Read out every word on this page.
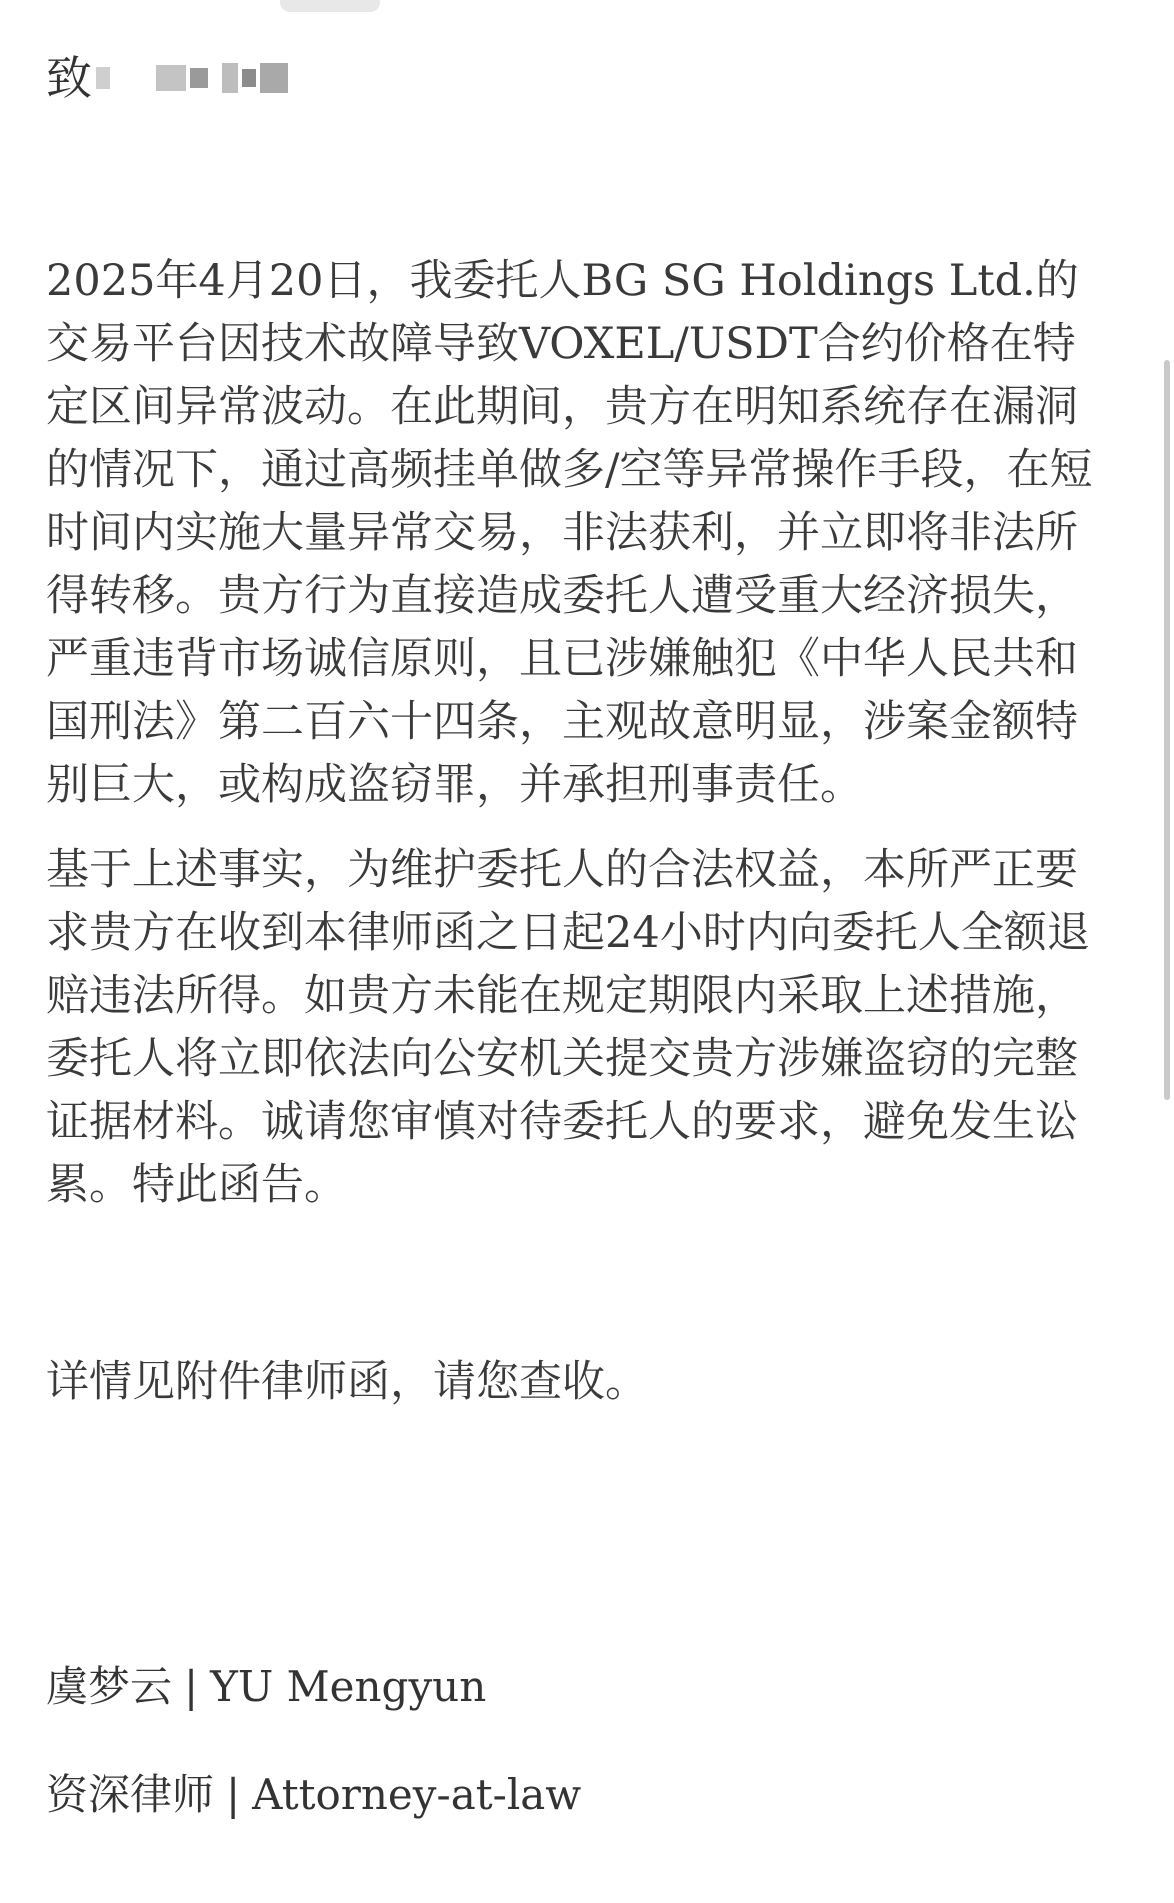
致

2025年4月20日，我委托人BG SG Holdings Ltd.的交易平台因技术故障导致VOXEL/USDT合约价格在特定区间异常波动。在此期间，贵方在明知系统存在漏洞的情况下，通过高频挂单做多/空等异常操作手段，在短时间内实施大量异常交易，非法获利，并立即将非法所得转移。贵方行为直接造成委托人遭受重大经济损失，严重违背市场诚信原则，且已涉嫌触犯《中华人民共和国刑法》第二百六十四条，主观故意明显，涉案金额特别巨大，或构成盗窃罪，并承担刑事责任。

基于上述事实，为维护委托人的合法权益，本所严正要求贵方在收到本律师函之日起24小时内向委托人全额退赔违法所得。如贵方未能在规定期限内采取上述措施，委托人将立即依法向公安机关提交贵方涉嫌盗窃的完整证据材料。诚请您审慎对待委托人的要求，避免发生讼累。特此函告。

详情见附件律师函，请您查收。
虞梦云 | YU Mengyun
资深律师 | Attorney-at-law
